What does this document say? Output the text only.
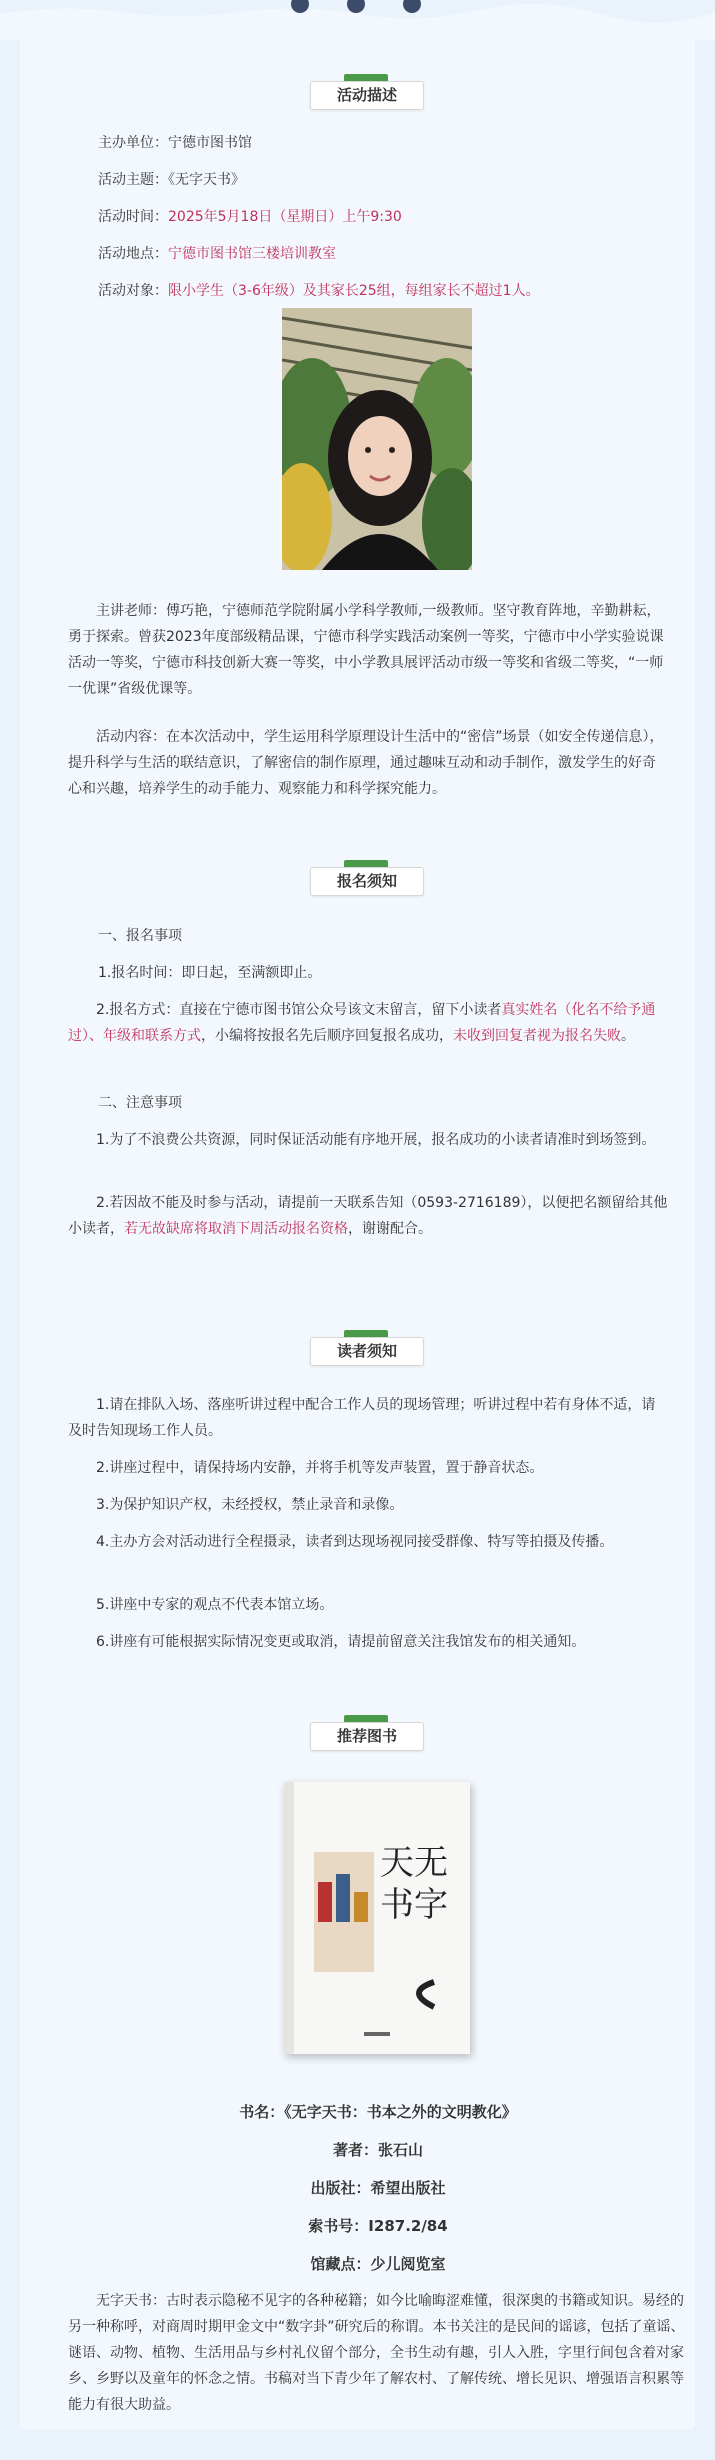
活动描述

主办单位：宁德市图书馆

活动主题：《无字天书》

活动时间：2025年5月18日（星期日）上午9:30

活动地点：宁德市图书馆三楼培训教室

活动对象：限小学生（3-6年级）及其家长25组，每组家长不超过1人。

主讲老师：傅巧艳，宁德师范学院附属小学科学教师,一级教师。坚守教育阵地，辛勤耕耘，勇于探索。曾获2023年度部级精品课，宁德市科学实践活动案例一等奖，宁德市中小学实验说课活动一等奖，宁德市科技创新大赛一等奖，中小学教具展评活动市级一等奖和省级二等奖，“一师一优课”省级优课等。

活动内容：在本次活动中，学生运用科学原理设计生活中的“密信”场景（如安全传递信息），提升科学与生活的联结意识，了解密信的制作原理，通过趣味互动和动手制作，激发学生的好奇心和兴趣，培养学生的动手能力、观察能力和科学探究能力。

报名须知

一、报名事项

1.报名时间：即日起，至满额即止。

2.报名方式：直接在宁德市图书馆公众号该文末留言，留下小读者真实姓名（化名不给予通过）、年级和联系方式，小编将按报名先后顺序回复报名成功，未收到回复者视为报名失败。

二、注意事项

1.为了不浪费公共资源，同时保证活动能有序地开展，报名成功的小读者请准时到场签到。

2.若因故不能及时参与活动，请提前一天联系告知（0593-2716189），以便把名额留给其他小读者，若无故缺席将取消下周活动报名资格，谢谢配合。

读者须知

1.请在排队入场、落座听讲过程中配合工作人员的现场管理；听讲过程中若有身体不适，请及时告知现场工作人员。

2.讲座过程中，请保持场内安静，并将手机等发声装置，置于静音状态。

3.为保护知识产权，未经授权，禁止录音和录像。

4.主办方会对活动进行全程摄录，读者到达现场视同接受群像、特写等拍摄及传播。

5.讲座中专家的观点不代表本馆立场。

6.讲座有可能根据实际情况变更或取消，请提前留意关注我馆发布的相关通知。

推荐图书
天无书字

书名：《无字天书：书本之外的文明教化》

著者：张石山

出版社：希望出版社

索书号：I287.2/84

馆藏点：少儿阅览室

无字天书：古时表示隐秘不见字的各种秘籍；如今比喻晦涩难懂，很深奥的书籍或知识。易经的另一种称呼，对商周时期甲金文中“数字卦”研究后的称谓。本书关注的是民间的谣谚，包括了童谣、谜语、动物、植物、生活用品与乡村礼仪留个部分，全书生动有趣，引人入胜，字里行间包含着对家乡、乡野以及童年的怀念之情。书稿对当下青少年了解农村、了解传统、增长见识、增强语言积累等能力有很大助益。
